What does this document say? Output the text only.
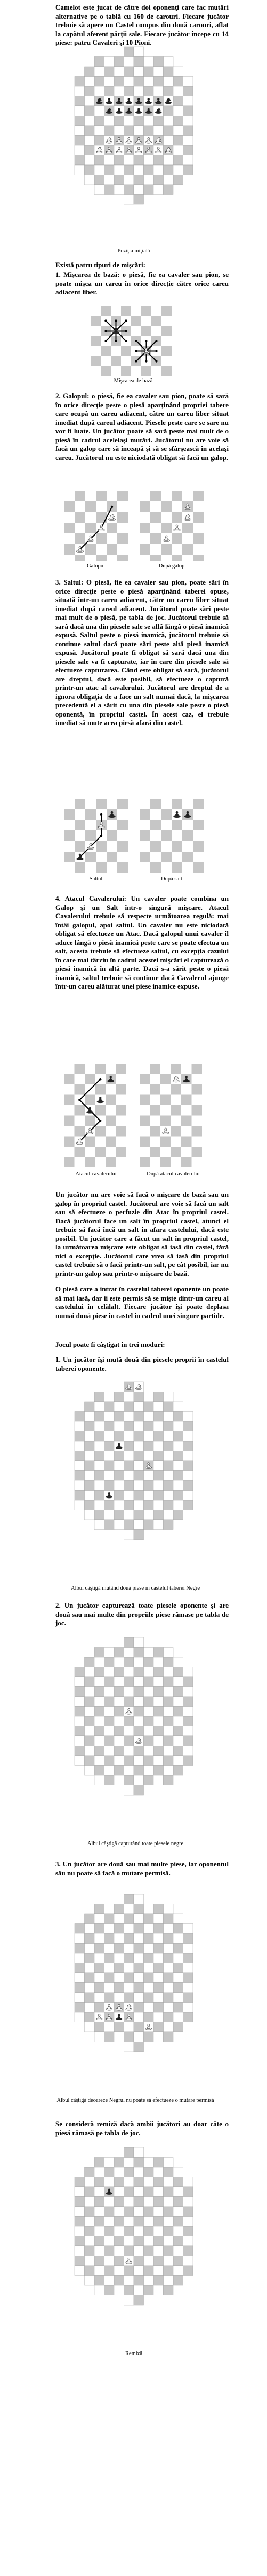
Camelot este jucat de către doi oponenţi care fac mutări alternative pe o tablă cu 160 de carouri. Fiecare jucător trebuie să apere un Castel compus din două carouri, aflat la capătul aferent părţii sale. Fiecare jucător începe cu 14 piese: patru Cavaleri şi 10 Pioni.

Poziţia iniţială

Există patru tipuri de mişcări:

1. Mişcarea de bază: o piesă, fie ea cavaler sau pion, se poate mişca un careu în orice direcţie către orice careu adiacent liber.

Mişcarea de bază

2. Galopul: o piesă, fie ea cavaler sau pion, poate să sară în orice direcţie peste o piesă aparţinând propriei tabere care ocupă un careu adiacent, către un careu liber situat imediat după careul adiacent. Piesele peste care se sare nu vor fi luate. Un jucător poate să sară peste mai mult de o piesă în cadrul aceleiaşi mutări. Jucătorul nu are voie să facă un galop care să înceapă şi să se sfârşească în acelaşi careu. Jucătorul nu este niciodată obligat să facă un galop.

Galopul	După galop

3. Saltul: O piesă, fie ea cavaler sau pion, poate sări în orice direcţie peste o piesă aparţinând taberei opuse, situată într-un careu adiacent, către un careu liber situat imediat după careul adiacent. Jucătorul poate sări peste mai mult de o piesă, pe tabla de joc. Jucătorul trebuie să sară dacă una din piesele sale se află lângă o piesă inamică expusă. Saltul peste o piesă inamică, jucătorul trebuie să continue saltul dacă poate sări peste altă piesă inamică expusă. Jucătorul poate fi obligat să sară dacă una din piesele sale va fi capturate, iar în care din piesele sale să efectueze capturarea. Când este obligat să sară, jucătorul are dreptul, dacă este posibil, să efectueze o captură printr-un atac al cavalerului. Jucătorul are dreptul de a ignora obligaţia de a face un salt numai dacă, la mişcarea precedentă el a sărit cu una din piesele sale peste o piesă oponentă, în propriul castel. În acest caz, el trebuie imediat să mute acea piesă afară din castel.

Saltul	După salt

4. Atacul Cavalerului: Un cavaler poate combina un Galop şi un Salt într-o singură mişcare. Atacul Cavalerului trebuie să respecte următoarea regulă: mai întâi galopul, apoi saltul. Un cavaler nu este niciodată obligat să efectueze un Atac. Dacă galopul unui cavaler îl aduce lângă o piesă inamică peste care se poate efectua un salt, acesta trebuie să efectueze saltul, cu excepţia cazului în care mai târziu în cadrul acestei mişcări el capturează o piesă inamică în altă parte. Dacă s-a sărit peste o piesă inamică, saltul trebuie să continue dacă Cavalerul ajunge într-un careu alăturat unei piese inamice expuse.

Atacul cavalerului	După atacul cavalerului

Un jucător nu are voie să facă o mişcare de bază sau un galop în propriul castel. Jucătorul are voie să facă un salt sau să efectueze o perfuzie din Atac în propriul castel. Dacă jucătorul face un salt în propriul castel, atunci el trebuie să facă încă un salt în afara castelului, dacă este posibil. Un jucător care a făcut un salt în propriul castel, la următoarea mişcare este obligat să iasă din castel, fără nici o excepţie. Jucătorul care vrea să iasă din propriul castel trebuie să o facă printr-un salt, pe cât posibil, iar nu printr-un galop sau printr-o mişcare de bază.

O piesă care a intrat în castelul taberei oponente un poate să mai iasă, dar ii este permis să se mişte dintr-un careu al castelului în celălalt. Fiecare jucător îşi poate deplasa numai două piese în castel în cadrul unei singure partide.

Jocul poate fi câştigat în trei moduri:

1. Un jucător îşi mută două din piesele proprii în castelul taberei oponente.

Albul câştigă mutând două piese în castelul taberei Negre

2. Un jucător capturează toate piesele oponente şi are două sau mai multe din propriile piese rămase pe tabla de joc.

Albul câştigă capturând toate piesele negre

3. Un jucător are două sau mai multe piese, iar oponentul său nu poate să facă o mutare permisă.

Albul câştigă deoarece Negrul nu poate să efectueze o mutare permisă

Se consideră remiză dacă ambii jucători au doar câte o piesă rămasă pe tabla de joc.

Remiză
